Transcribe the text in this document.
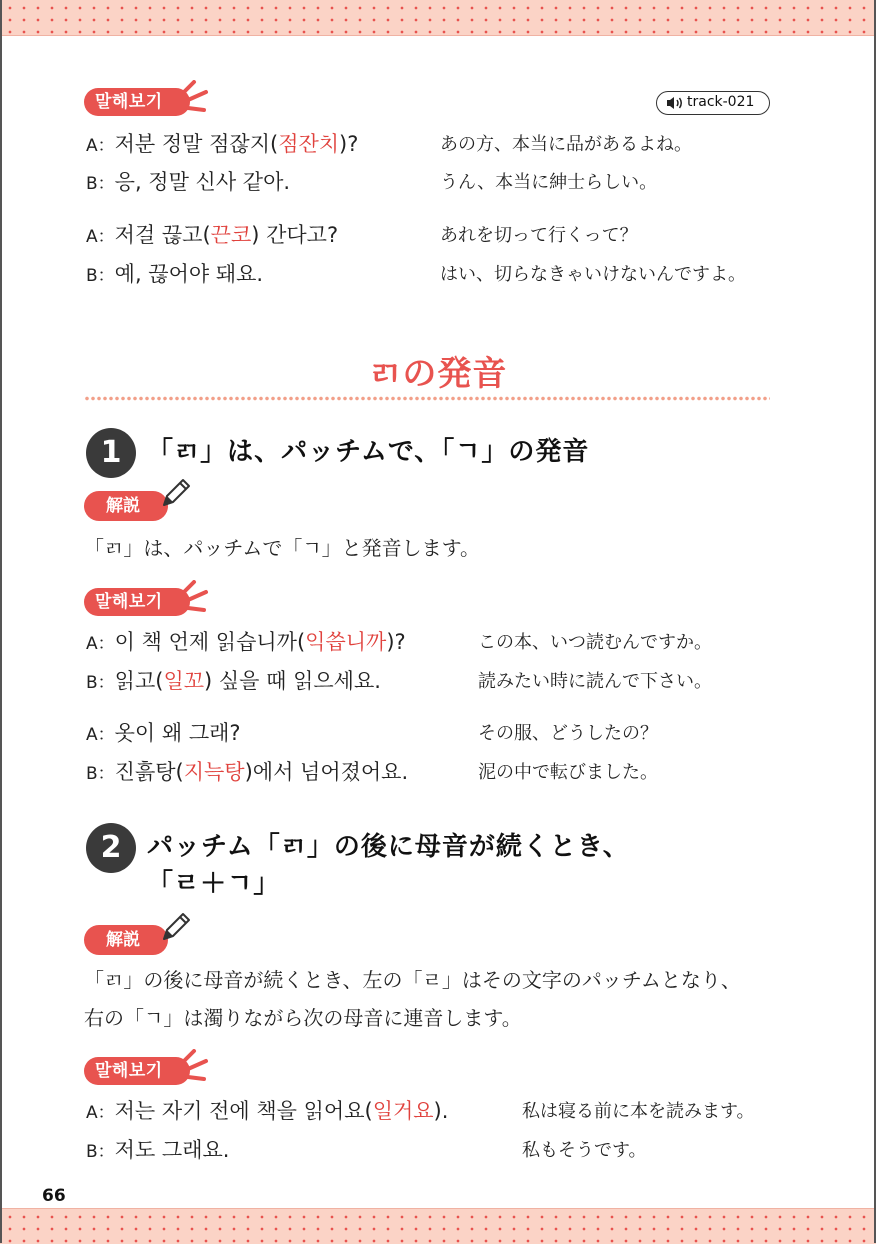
말해보기	track-021
A：저분 정말 점잖지(점잔치)?	あの方、本当に品があるよね。
B：응, 정말 신사 같아.	うん、本当に紳士らしい。
A：저걸 끊고(끈코) 간다고?	あれを切って行くって？
B：예, 끊어야 돼요.	はい、切らなきゃいけないんですよ。
ㄺの発音
1 「ㄺ」は、パッチムで、「ㄱ」の発音
解説
「ㄺ」は、パッチムで「ㄱ」と発音します。
말해보기
A：이 책 언제 읽습니까(익씁니까)?	この本、いつ読むんですか。
B：읽고(일꼬) 싶을 때 읽으세요.	読みたい時に読んで下さい。
A：옷이 왜 그래?	その服、どうしたの？
B：진흙탕(지늑탕)에서 넘어졌어요.	泥の中で転びました。
2 パッチム「ㄺ」の後に母音が続くとき、
「ㄹ＋ㄱ」
解説
「ㄺ」の後に母音が続くとき、左の「ㄹ」はその文字のパッチムとなり、
右の「ㄱ」は濁りながら次の母音に連音します。
말해보기
A：저는 자기 전에 책을 읽어요(일거요).	私は寝る前に本を読みます。
B：저도 그래요.	私もそうです。
66
